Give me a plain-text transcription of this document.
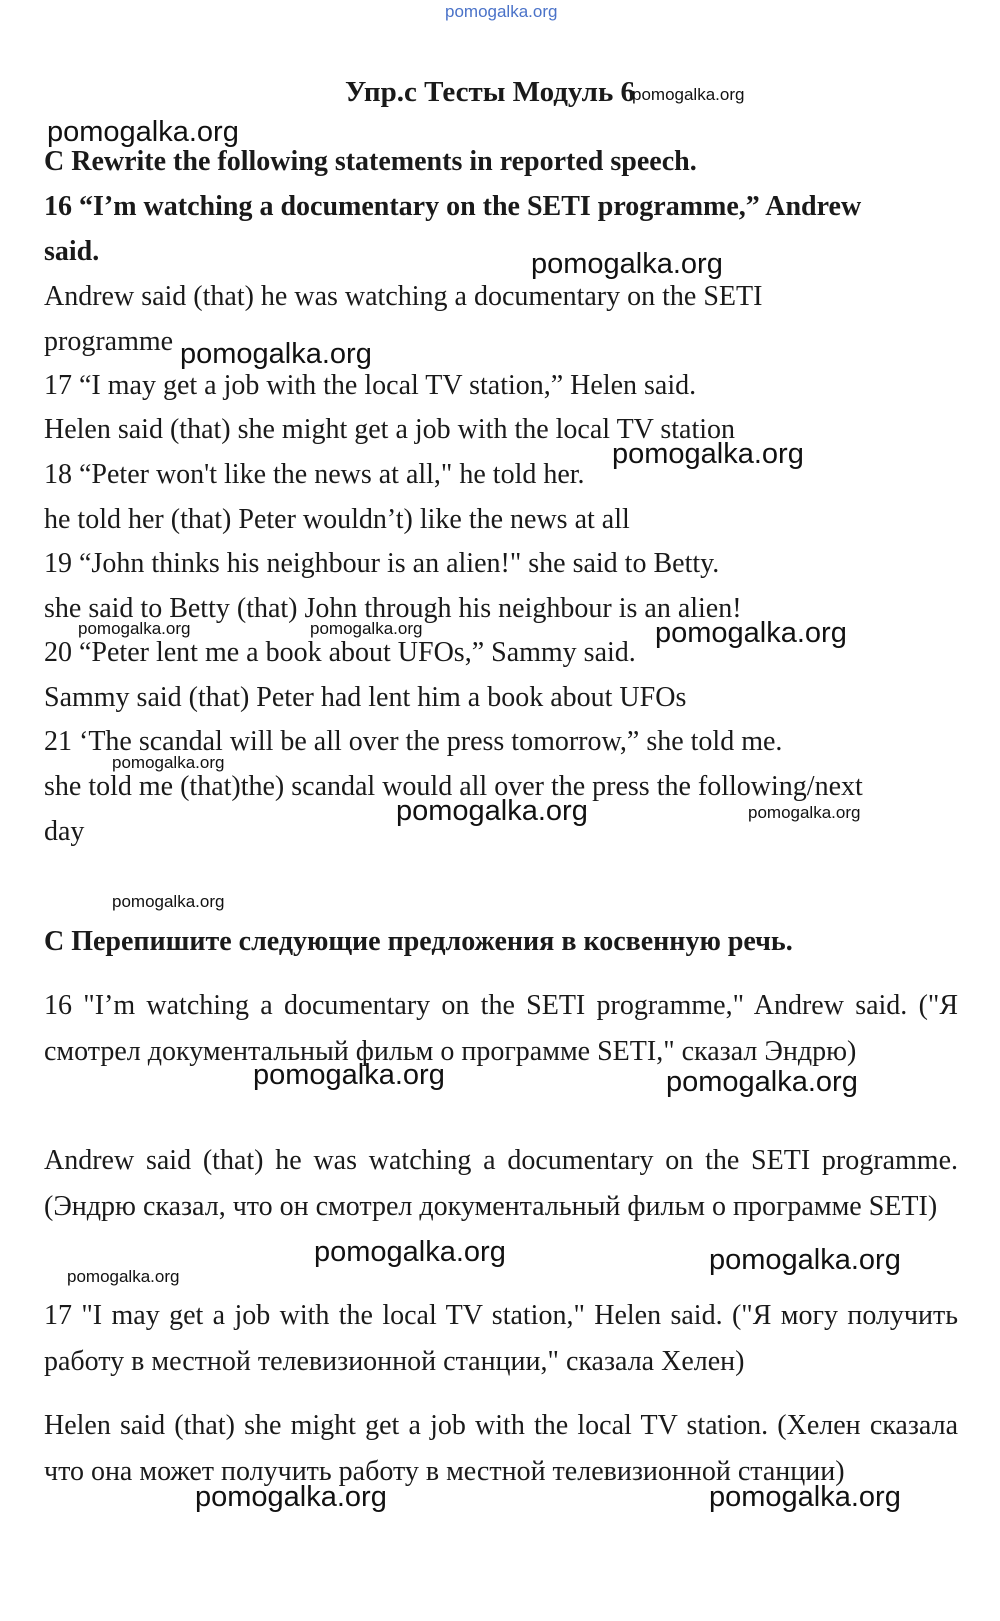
pomogalka.org
Упр.с Тесты Модуль 6
C Rewrite the following statements in reported speech.
16 “I’m watching a documentary on the SETI programme,” Andrew
said.
Andrew said (that) he was watching a documentary on the SETI
programme
17 “I may get a job with the local TV station,” Helen said.
Helen said (that) she might get a job with the local TV station
18 “Peter won't like the news at all," he told her.
he told her (that) Peter wouldn’t) like the news at all
19 “John thinks his neighbour is an alien!" she said to Betty.
she said to Betty (that) John through his neighbour is an alien!
20 “Peter lent me a book about UFOs,” Sammy said.
Sammy said (that) Peter had lent him a book about UFOs
21 ‘The scandal will be all over the press tomorrow,” she told me.
she told me (that)the) scandal would all over the press the following/next
day
C Перепишите следующие предложения в косвенную речь.
16 "I’m watching a documentary on the SETI programme," Andrew said. ("Я смотрел документальный фильм о программе SETI," сказал Эндрю)
Andrew said (that) he was watching a documentary on the SETI programme. (Эндрю сказал, что он смотрел документальный фильм о программе SETI)
17 "I may get a job with the local TV station," Helen said. ("Я могу получить работу в местной телевизионной станции," сказала Хелен)
Helen said (that) she might get a job with the local TV station. (Хелен сказала что она может получить работу в местной телевизионной станции)
pomogalka.org
pomogalka.org
pomogalka.org
pomogalka.org
pomogalka.org
pomogalka.org	pomogalka.org	pomogalka.org
pomogalka.org
pomogalka.org	pomogalka.org
pomogalka.org
pomogalka.org	pomogalka.org
pomogalka.org	pomogalka.org
pomogalka.org
pomogalka.org	pomogalka.org
